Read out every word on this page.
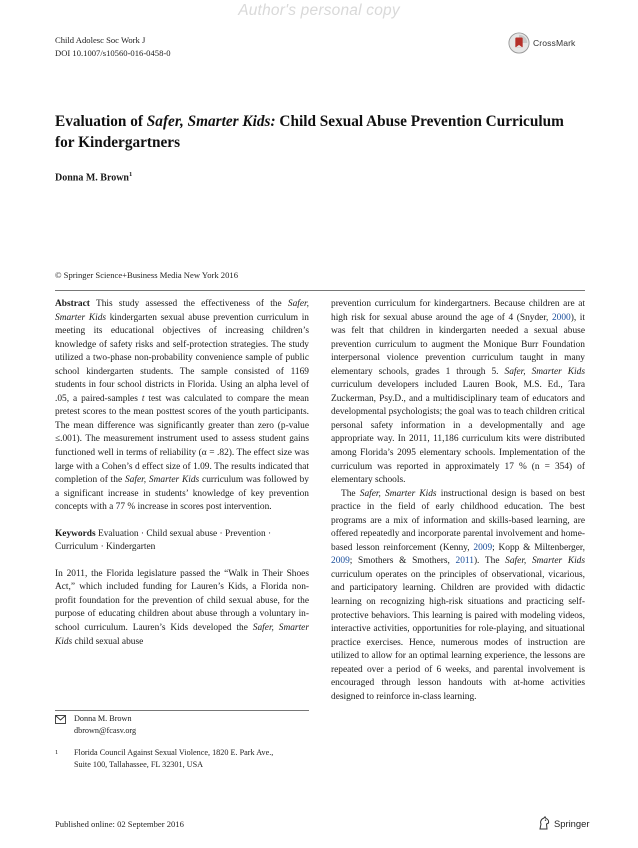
Author's personal copy
Child Adolesc Soc Work J
DOI 10.1007/s10560-016-0458-0
CrossMark
Evaluation of Safer, Smarter Kids: Child Sexual Abuse Prevention Curriculum for Kindergartners
Donna M. Brown$^1$
© Springer Science+Business Media New York 2016

Abstract This study assessed the effectiveness of the Safer, Smarter Kids kindergarten sexual abuse prevention curriculum in meeting its educational objectives of increasing children’s knowledge of safety risks and self-protection strategies. The study utilized a two-phase non-probability convenience sample of public school kindergarten students. The sample consisted of 1169 students in four school districts in Florida. Using an alpha level of .05, a paired-samples t test was calculated to compare the mean pretest scores to the mean posttest scores of the youth participants. The mean difference was significantly greater than zero (p-value ≤.001). The measurement instrument used to assess student gains functioned well in terms of reliability (α = .82). The effect size was large with a Cohen’s d effect size of 1.09. The results indicated that completion of the Safer, Smarter Kids curriculum was followed by a significant increase in students’ knowledge of key prevention concepts with a 77 % increase in scores post intervention.

Keywords Evaluation · Child sexual abuse · Prevention · Curriculum · Kindergarten

In 2011, the Florida legislature passed the “Walk in Their Shoes Act,” which included funding for Lauren’s Kids, a Florida non-profit foundation for the prevention of child sexual abuse, for the purpose of educating children about abuse through a voluntary in-school curriculum. Lauren’s Kids developed the Safer, Smarter Kids child sexual abuse

Donna M. Brown
dbrown@fcasv.org
1	Florida Council Against Sexual Violence, 1820 E. Park Ave.,
Suite 100, Tallahassee, FL 32301, USA

prevention curriculum for kindergartners. Because children are at high risk for sexual abuse around the age of 4 (Snyder, 2000), it was felt that children in kindergarten needed a sexual abuse prevention curriculum to augment the Monique Burr Foundation interpersonal violence prevention curriculum taught in many elementary schools, grades 1 through 5. Safer, Smarter Kids curriculum developers included Lauren Book, M.S. Ed., Tara Zuckerman, Psy.D., and a multidisciplinary team of educators and developmental psychologists; the goal was to teach children critical personal safety information in a developmentally and age appropriate way. In 2011, 11,186 curriculum kits were distributed among Florida’s 2095 elementary schools. Implementation of the curriculum was reported in approximately 17 % (n = 354) of elementary schools.

The Safer, Smarter Kids instructional design is based on best practice in the field of early childhood education. The best programs are a mix of information and skills-based learning, are offered repeatedly and incorporate parental involvement and home-based lesson reinforcement (Kenny, 2009; Kopp & Miltenberger, 2009; Smothers & Smothers, 2011). The Safer, Smarter Kids curriculum operates on the principles of observational, vicarious, and participatory learning. Children are provided with didactic learning on recognizing high-risk situations and practicing self-protective behaviors. This learning is paired with modeling videos, interactive activities, opportunities for role-playing, and situational practice exercises. Hence, numerous modes of instruction are utilized to allow for an optimal learning experience, the lessons are repeated over a period of 6 weeks, and parental involvement is encouraged through lesson handouts with at-home activities designed to reinforce in-class learning.

Published online: 02 September 2016	Springer
